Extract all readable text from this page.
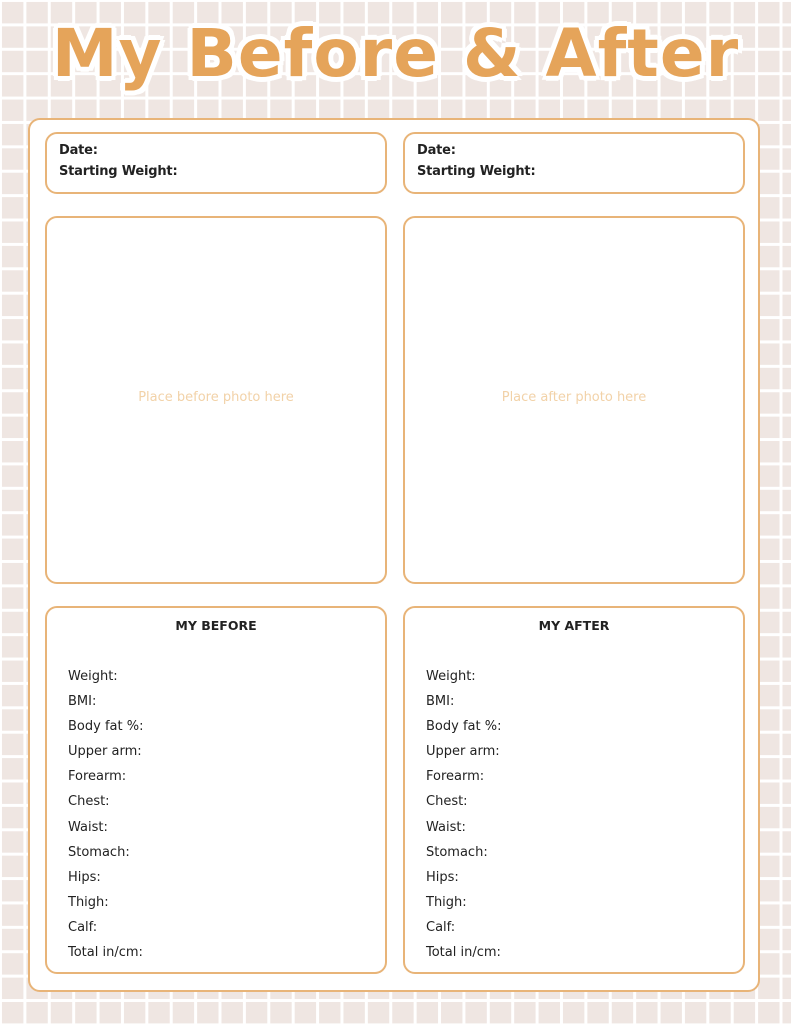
My Before & After
Date:
Starting Weight:
Date:
Starting Weight:
Place before photo here	Place after photo here
MY BEFORE
Weight:
BMI:
Body fat %:
Upper arm:
Forearm:
Chest:
Waist:
Stomach:
Hips:
Thigh:
Calf:
Total in/cm:
MY AFTER
Weight:
BMI:
Body fat %:
Upper arm:
Forearm:
Chest:
Waist:
Stomach:
Hips:
Thigh:
Calf:
Total in/cm:
